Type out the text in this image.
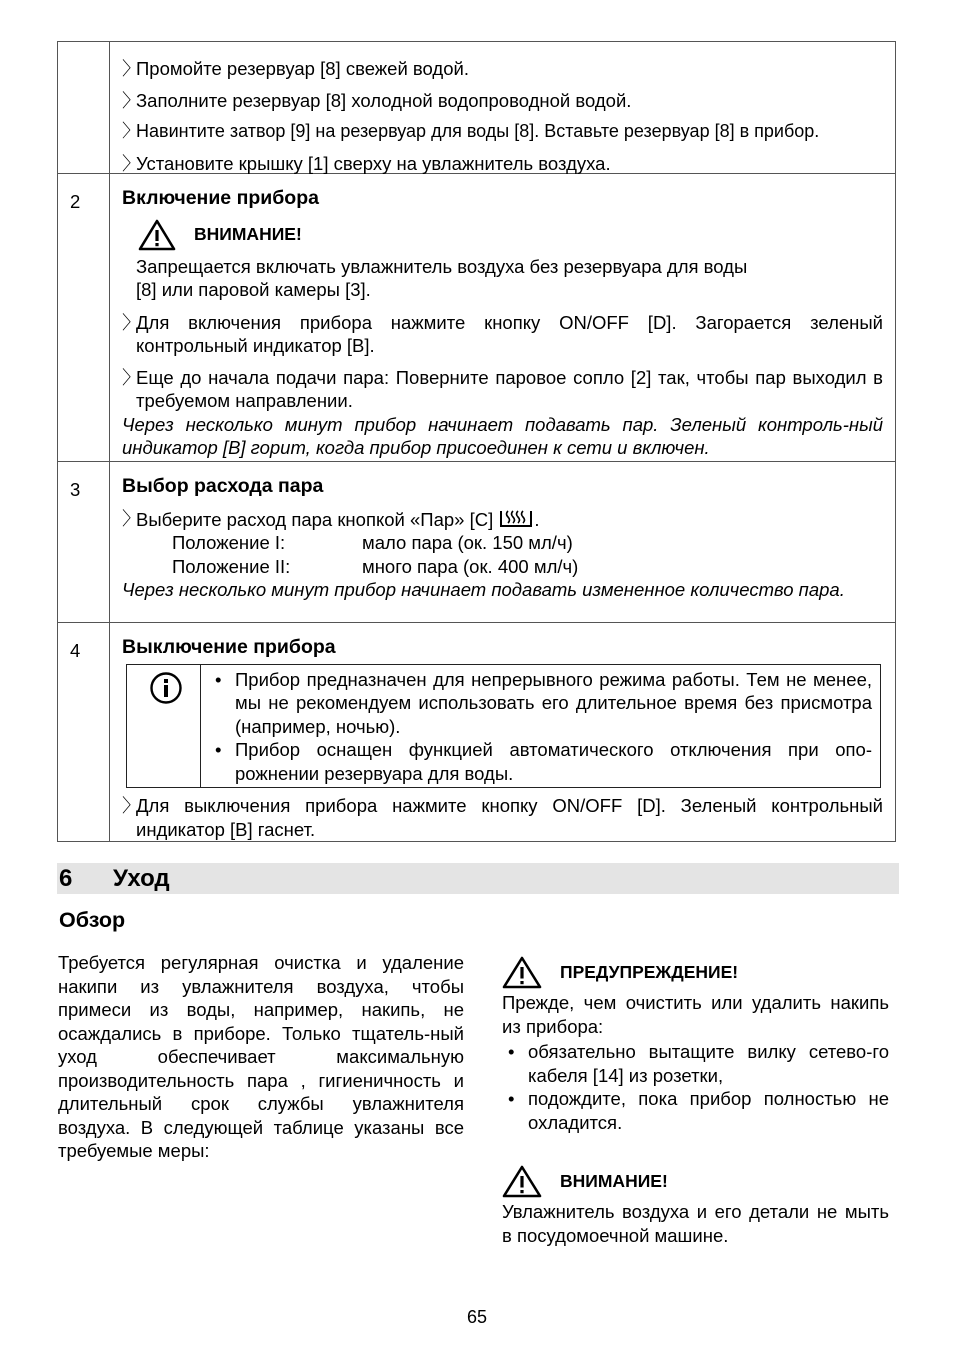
〉
Промойте резервуар [8] свежей водой.
〉
Заполните резервуар [8] холодной водопроводной водой.
〉
Навинтите затвор [9] на резервуар для воды [8]. Вставьте резервуар [8] в прибор.
〉
Установите крышку [1] сверху на увлажнитель воздуха.
2	Включение прибора
ВНИМАНИЕ!
Запрещается включать увлажнитель воздуха без резервуара для воды
[8] или паровой камеры [3].
〉
Для включения прибора нажмите кнопку ON/OFF [D]. Загорается зеленый контрольный индикатор [B].
〉
Еще до начала подачи пара: Поверните паровое сопло [2] так, чтобы пар выходил в требуемом направлении.
Через несколько минут прибор начинает подавать пар. Зеленый контроль-ный индикатор [B] горит, когда прибор присоединен к сети и включен.
3	Выбор расхода пара
〉
Выберите расход пара кнопкой «Пар» [C] .
Положение I:	мало пара (ок. 150 мл/ч)
Положение II:	много пара (ок. 400 мл/ч)
Через несколько минут прибор начинает подавать измененное количество пара.
4	Выключение прибора
• Прибор предназначен для непрерывного режима работы. Тем не менее, мы не рекомендуем использовать его длительное время без присмотра (например, ночью).
• Прибор оснащен функцией автоматического отключения при опо-рожнении резервуара для воды.
〉
Для выключения прибора нажмите кнопку ON/OFF [D]. Зеленый контрольный индикатор [B] гаснет.
6 Уход
Обзор
Требуется регулярная очистка и удаление накипи из увлажнителя воздуха, чтобы примеси из воды, например, накипь, не осаждались в приборе. Только тщатель-ный уход обеспечивает максимальную производительность пара , гигиеничность и длительный срок службы увлажнителя воздуха. В следующей таблице указаны все требуемые меры:
ПРЕДУПРЕЖДЕНИЕ!
Прежде, чем очистить или удалить накипь из прибора:
• обязательно вытащите вилку сетево-го кабеля [14] из розетки,
• подождите, пока прибор полностью не охладится.
ВНИМАНИЕ!
Увлажнитель воздуха и его детали не мыть в посудомоечной машине.
65
